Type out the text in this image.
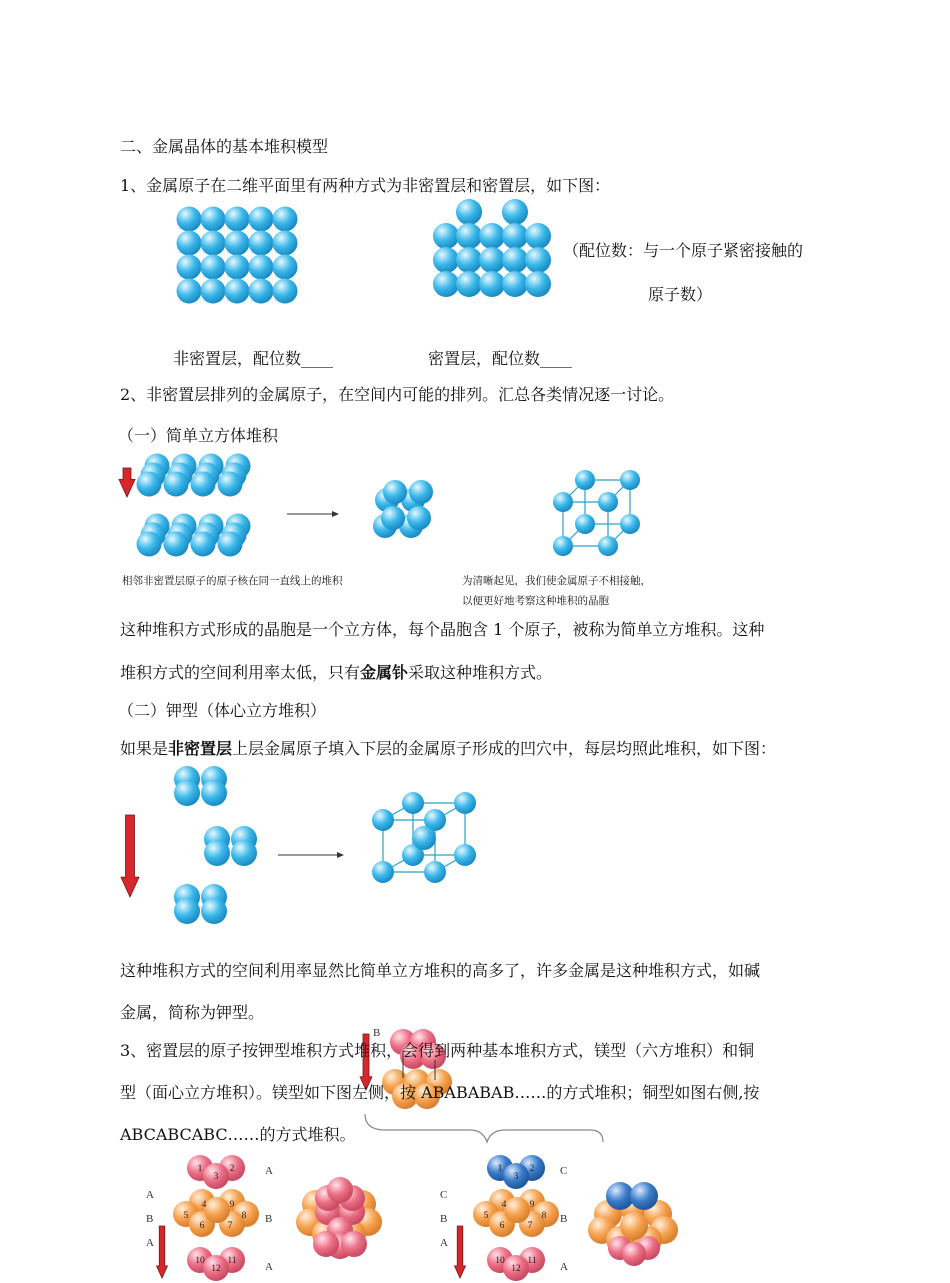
二、金属晶体的基本堆积模型
1、金属原子在二维平面里有两种方式为非密置层和密置层，如下图：
（配位数：与一个原子紧密接触的
原子数）
非密置层，配位数____	密置层，配位数____
2、非密置层排列的金属原子，在空间内可能的排列。汇总各类情况逐一讨论。
（一）简单立方体堆积
相邻非密置层原子的原子核在同一直线上的堆积	为清晰起见，我们使金属原子不相接触，
以便更好地考察这种堆积的晶胞
这种堆积方式形成的晶胞是一个立方体，每个晶胞含 1 个原子，被称为简单立方堆积。这种
堆积方式的空间利用率太低，只有金属钋采取这种堆积方式。
（二）钾型（体心立方堆积）
如果是非密置层上层金属原子填入下层的金属原子形成的凹穴中，每层均照此堆积，如下图：
这种堆积方式的空间利用率显然比简单立方堆积的高多了，许多金属是这种堆积方式，如碱
金属，简称为钾型。
B
3、密置层的原子按钾型堆积方式堆积，会得到两种基本堆积方式，镁型（六方堆积）和铜
型（面心立方堆积）。镁型如下图左侧，按 ABABABAB……的方式堆积；铜型如图右侧,按
ABCABCABC……的方式堆积。
A
B
A
1	2
3
4 9
5	8
6 7
10 11
12
A
B
A
C
B
A
1	2
3
4 9
5	8
6 7
10 11
12
C
B
A
